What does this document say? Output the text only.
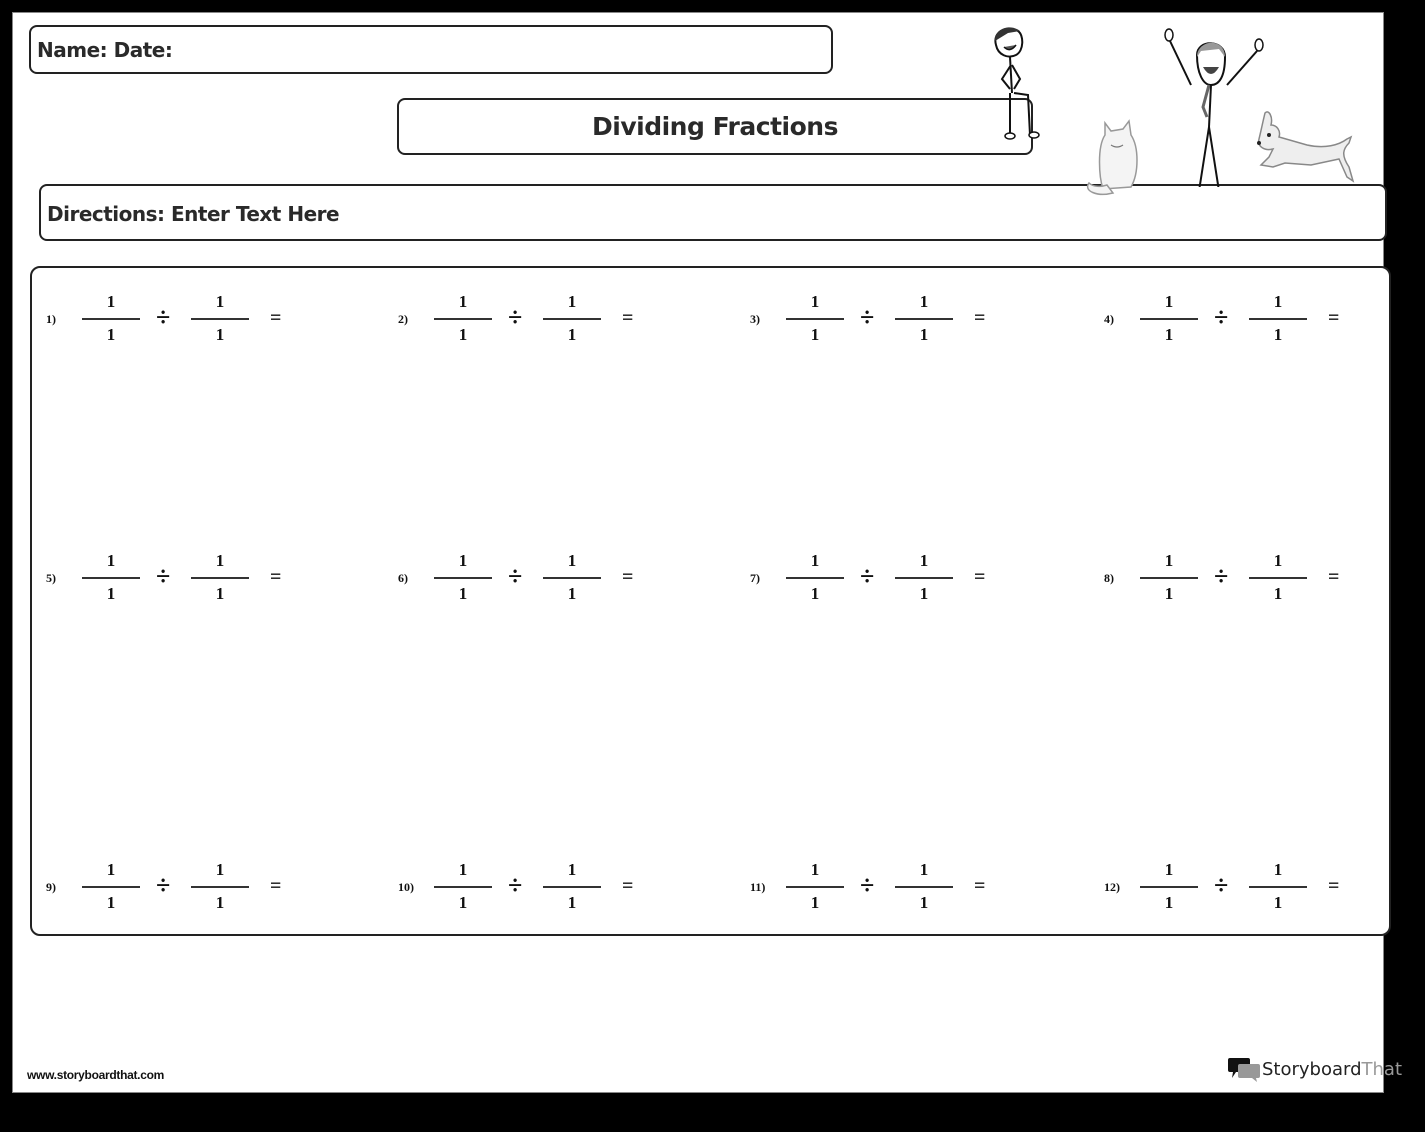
Name: Date:
Dividing Fractions
Directions: Enter Text Here
1)
1
1
÷
1
1
=	2)
1
1
÷
1
1
=	3)
1
1
÷
1
1
=	4)
1
1
÷
1
1
=
5)
1
1
÷
1
1
=	6)
1
1
÷
1
1
=	7)
1
1
÷
1
1
=	8)
1
1
÷
1
1
=
9)
1
1
÷
1
1
=	10)
1
1
÷
1
1
=	11)
1
1
÷
1
1
=	12)
1
1
÷
1
1
=
www.storyboardthat.com	StoryboardThat
